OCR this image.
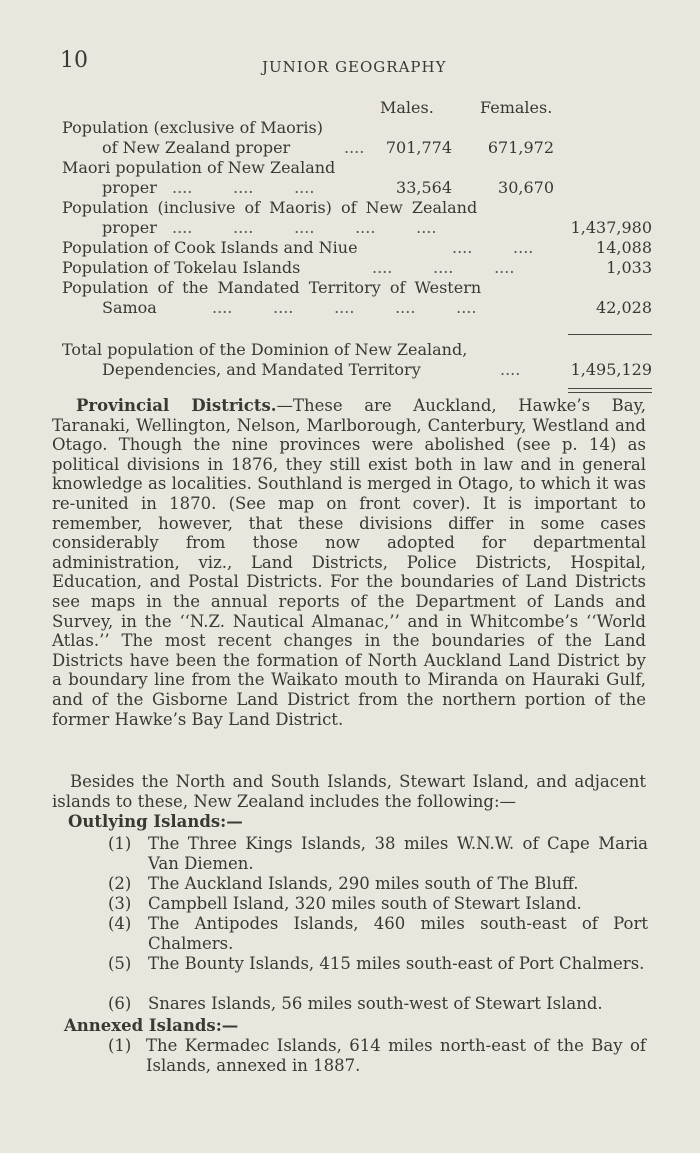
10	JUNIOR GEOGRAPHY
Males.	Females.
Population (exclusive of Maoris)
of New Zealand proper	.... 701,774 671,972
Maori population of New Zealand
proper ....        ....        ....	33,564	30,670
Population (inclusive of Maoris) of New Zealand
proper ....        ....        ....        ....        ....	1,437,980
Population of Cook Islands and Niue	....        ....	14,088
Population of Tokelau Islands	....        ....        ....	1,033
Population of the Mandated Territory of Western
Samoa	....        ....        ....        ....        ....	42,028
Total population of the Dominion of New Zealand,
Dependencies, and Mandated Territory	....	1,495,129
Provincial Districts.—These are Auckland, Hawke’s Bay, Taranaki, Wellington, Nelson, Marlborough, Canterbury, Westland and Otago. Though the nine provinces were abolished (see p. 14) as political divisions in 1876, they still exist both in law and in general knowledge as localities. Southland is merged in Otago, to which it was re-united in 1870. (See map on front cover). It is important to remember, however, that these divisions differ in some cases considerably from those now adopted for departmental administration, viz., Land Districts, Police Districts, Hospital, Education, and Postal Districts. For the boundaries of Land Districts see maps in the annual reports of the Department of Lands and Survey, in the ‘‘N.Z. Nautical Almanac,’’ and in Whitcombe’s ‘‘World Atlas.’’ The most recent changes in the boundaries of the Land Districts have been the formation of North Auckland Land District by a boundary line from the Waikato mouth to Miranda on Hauraki Gulf, and of the Gisborne Land District from the northern portion of the former Hawke’s Bay Land District.
Besides the North and South Islands, Stewart Island, and adjacent islands to these, New Zealand includes the following:—
Outlying Islands:—
(1) The Three Kings Islands, 38 miles W.N.W. of Cape Maria Van Diemen.
(2) The Auckland Islands, 290 miles south of The Bluff.
(3) Campbell Island, 320 miles south of Stewart Island.
(4) The Antipodes Islands, 460 miles south-east of Port Chalmers.
(5) The Bounty Islands, 415 miles south-east of Port Chalmers.
(6) Snares Islands, 56 miles south-west of Stewart Island.
Annexed Islands:—
(1) The Kermadec Islands, 614 miles north-east of the Bay of Islands, annexed in 1887.
